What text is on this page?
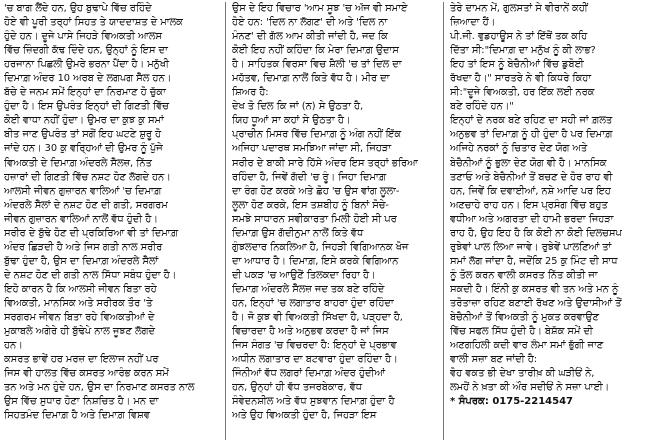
'ਚ ਬਾਗ ਲੈਂਦੇ ਹਨ, ਉਹ ਬੁਢਾਪੇ ਵਿੱਚ ਰਹਿੰਦੇ
ਹੋਏ ਵੀ ਪੂਰੀ ਤਰ੍ਹਾਂ ਸਿਹਤ ਤੇ ਯਾਦਦਾਸ਼ਤ ਦੇ ਮਾਲਕ
ਹੁੰਦੇ ਹਨ। ਦੂਜੇ ਪਾਸੇ ਜਿਹੜੇ ਵਿਅਕਤੀ ਆਲਸ
ਵਿੱਚ ਜ਼ਿੰਦਗੀ ਕੱਢ ਦਿੰਦੇ ਹਨ, ਉਨ੍ਹਾਂ ਨੂੰ ਇਸ ਦਾ
ਹਰਜਾਨਾ ਪਿਛਲੀ ਉਮਰੇ ਭਰਨਾ ਪੈਂਦਾ ਹੈ। ਮਨੁੱਖੀ
ਦਿਮਾਗ਼ ਅੰਦਰ 10 ਅਰਬ ਦੇ ਲਗਪਗ ਸੈੱਲ ਹਨ।
ਬੱਚੇ ਦੇ ਜਨਮ ਸਮੇਂ ਇਨ੍ਹਾਂ ਦਾ ਨਿਰਮਾਣ ਹੋ ਚੁੱਕਾ
ਹੁੰਦਾ ਹੈ। ਇਸ ਉਪਰੰਤ ਇਨ੍ਹਾਂ ਦੀ ਗਿਣਤੀ ਵਿੱਚ
ਕੋਈ ਵਾਧਾ ਨਹੀਂ ਹੁੰਦਾ। ਉਮਰ ਦਾ ਕੁਝ ਕੁ ਸਮਾਂ
ਬੀਤ ਜਾਣ ਉਪਰੰਤ ਤਾਂ ਸਗੋਂ ਇਹ ਘਟਣੇ ਸ਼ੁਰੂ ਹੋ
ਜਾਂਦੇ ਹਨ। 30 ਕੁ ਵਰ੍ਹਿਆਂ ਦੀ ਉਮਰ ਨੂੰ ਪੁੱਜੇ
ਵਿਅਕਤੀ ਦੇ ਦਿਮਾਗ਼ ਅੰਦਰਲੇ ਸੈੱਲਜ਼, ਨਿੱਤ
ਹਜ਼ਾਰਾਂ ਦੀ ਗਿਣਤੀ ਵਿੱਚ ਨਸ਼ਟ ਹੋਣ ਲੱਗਦੇ ਹਨ।
ਆਲਸੀ ਜੀਵਨ ਗੁਜ਼ਾਰਨ ਵਾਲਿਆਂ 'ਚ ਦਿਮਾਗ਼
ਅੰਦਰਲੇ ਸੈੱਲਾਂ ਦੇ ਨਸ਼ਟ ਹੋਣ ਦੀ ਗਤੀ, ਸਰਗਰਮ
ਜੀਵਨ ਗੁਜ਼ਾਰਨ ਵਾਲਿਆਂ ਨਾਲੋਂ ਵੱਧ ਹੁੰਦੀ ਹੈ।
ਸਰੀਰ ਦੇ ਬੁੱਢੇ ਹੋਣ ਦੀ ਪ੍ਰਕਿਰਿਆ ਵੀ ਤਾਂ ਦਿਮਾਗ਼
ਅੰਦਰ ਛਿੜਦੀ ਹੈ ਅਤੇ ਜਿਸ ਗਤੀ ਨਾਲ ਸਰੀਰ
ਬੁੱਢਾ ਹੁੰਦਾ ਹੈ, ਉਸ ਦਾ ਦਿਮਾਗ਼ ਅੰਦਰਲੇ ਸੈੱਲਾਂ
ਦੇ ਨਸ਼ਟ ਹੋਣ ਦੀ ਗਤੀ ਨਾਲ ਸਿੱਧਾ ਸਬੰਧ ਹੁੰਦਾ ਹੈ।
ਇਹੋ ਕਾਰਨ ਹੈ ਕਿ ਆਲਸੀ ਜੀਵਨ ਬਿਤਾ ਰਹੇ
ਵਿਅਕਤੀ, ਮਾਨਸਿਕ ਅਤੇ ਸਰੀਰਕ ਤੌਰ 'ਤੇ
ਸਰਗਰਮ ਜੀਵਨ ਬਿਤਾ ਰਹੇ ਵਿਅਕਤੀਆਂ ਦੇ
ਮੁਕਾਬਲੇ ਅਗੇਰੇ ਹੀ ਬੁੱਢੇਪੇ ਨਾਲ ਜੂਝਣ ਲੱਗਦੇ
ਹਨ।
ਕਸਰਤ ਭਾਵੇਂ ਹਰ ਮਰਜ਼ ਦਾ ਇਲਾਜ ਨਹੀਂ ਪਰ
ਜਿਸ ਵੀ ਹਾਲਤ ਵਿੱਚ ਕਸਰਤ ਆਰੰਭ ਕਰਨ ਸਮੇਂ
ਤਨ ਅਤੇ ਮਨ ਹੁੰਦੇ ਹਨ, ਉਸ ਦਾ ਨਿਰਮਾਣ ਕਸਰਤ ਨਾਲ
ਉਸ ਵਿੱਚ ਸੁਧਾਰ ਹੋਣਾ ਨਿਸ਼ਚਿਤ ਹੈ। ਮਨ ਦਾ
ਸਿਹਤਮੰਦ ਦਿਮਾਗ਼ ਹੈ ਅਤੇ ਦਿਮਾਗ਼ ਵਿਸ਼ਵ
ਉਸ ਦੇ ਇਹ ਵਿਚਾਰ 'ਆਮ ਸੂਝ 'ਚ ਅੱਜ ਵੀ ਸਮਾਏ
ਹੋਏ ਹਨ: 'ਦਿਲ ਨਾ ਲੱਗਣ' ਦੀ ਅਤੇ 'ਦਿਲ ਨਾ
ਮੰਨਣ' ਦੀ ਗੱਲ ਆਮ ਕੀਤੀ ਜਾਂਦੀ ਹੈ, ਜਦ ਕਿ
ਕੋਈ ਇਹ ਨਹੀਂ ਕਹਿੰਦਾ ਕਿ ਮੇਰਾ ਦਿਮਾਗ਼ ਉਦਾਸ
ਹੈ। ਸਾਹਿਤਕ ਵਿਰਸਾ ਵਿਚ ਸ਼ੈਲੀ 'ਚ ਤਾਂ ਦਿਲ ਦਾ
ਮਹੱਤਵ, ਦਿਮਾਗ਼ ਨਾਲੋਂ ਕਿਤੇ ਵੱਧ ਹੈ। ਮੀਰ ਦਾ
ਸ਼ਿਅਰ ਹੈ:
ਦੇਖ ਤੋ ਦਿਲ ਕਿ ਜਾਂ (ਨ) ਸੇ ਉਠਤਾ ਹੈ,
ਯਿਹ ਧੂਆਂ ਸਾ ਕਹਾਂ ਸੇ ਉਠਤਾ ਹੈ।
ਪ੍ਰਾਚੀਨ ਮਿਸਰ ਵਿੱਚ ਦਿਮਾਗ਼ ਨੂੰ ਅੰਗ ਨਹੀਂ ਇੱਕ
ਅਜਿਹਾ ਪਦਾਰਥ ਸਮਝਿਆ ਜਾਂਦਾ ਸੀ, ਜਿਹੜਾ
ਸਰੀਰ ਦੇ ਬਾਕੀ ਸਾਰੇ ਹਿੱਸੇ ਅੰਦਰ ਇਸ ਤਰ੍ਹਾਂ ਭਰਿਆ
ਰਹਿੰਦਾ ਹੈ, ਜਿਵੇਂ ਗੱਦੀ 'ਚ ਰੂੰ। ਜਿਹਾ ਦਿਮਾਗ਼
ਦਾ ਰੰਗ ਹੋਣ ਕਰਕੇ ਅਤੇ ਛੋਹ 'ਚ ਉਸ ਵਾਂਗ ਲੂਲਾ-
ਲੂਲਾ ਹੋਣ ਕਰਕੇ, ਇਸ ਤਸ਼ਬੀਹ ਨੂੰ ਬਿਨਾਂ ਸੋਚੇ-
ਸਮਝੇ ਸਾਧਾਰਨ ਸਵੀਕਾਰਤਾ ਮਿਲੀ ਹੋਈ ਸੀ ਪਰ
ਦਿਮਾਗ਼ ਉਸ ਗੱਦੀਨੁਮਾ ਨਾਲੋਂ ਕਿਤੇ ਵੱਧ
ਗੁੰਝਲਦਾਰ ਨਿਕਲਿਆ ਹੈ, ਜਿਹੜੀ ਵਿਗਿਆਨਕ ਖੋਜ
ਦਾ ਆਧਾਰ ਹੈ। ਦਿਮਾਗ਼, ਇਸੇ ਕਰਕੇ ਵਿਗਿਆਨ
ਦੀ ਪਕੜ 'ਚ ਆਉਣੋਂ ਤਿਲਕਦਾ ਰਿਹਾ ਹੈ।
ਦਿਮਾਗ਼ ਅੰਦਰਲੇ ਸੈੱਲਜ਼ ਜਦ ਤਕ ਬਣੇ ਰਹਿੰਦੇ
ਹਨ, ਇਨ੍ਹਾਂ 'ਚ ਲਗਾਤਾਰ ਬਾਹਰਾ ਹੁੰਦਾ ਰਹਿੰਦਾ
ਹੈ। ਜੋ ਕੁਝ ਵੀ ਵਿਅਕਤੀ ਸਿੱਖਦਾ ਹੈ, ਪੜ੍ਹਦਾ ਹੈ,
ਵਿਚਾਰਦਾ ਹੈ ਅਤੇ ਅਨੁਭਵ ਕਰਦਾ ਹੈ ਜਾਂ ਜਿਸ
ਜਿਸ ਸੰਗਤ 'ਚ ਵਿਚਰਦਾ ਹੈ: ਇਨ੍ਹਾਂ ਦੇ ਪ੍ਰਭਾਵ
ਅਧੀਨ ਲਗਾਤਾਰ ਦਾ ਬਟਵਾਰਾ ਹੁੰਦਾ ਰਹਿੰਦਾ ਹੈ।
ਜਿੰਨੀਆਂ ਵੱਧ ਲਗਰਾਂ ਦਿਮਾਗ਼ ਅੰਦਰ ਹੁੰਦੀਆਂ
ਹਨ, ਉਨ੍ਹਾਂ ਹੀ ਵੱਧ ਤਜਰਬੇਕਾਰ, ਵੱਧ
ਸੰਵੇਦਨਸ਼ੀਲ ਅਤੇ ਵੱਧ ਸੁਝਵਾਨ ਦਿਮਾਗ਼ ਹੁੰਦਾ ਹੈ
ਅਤੇ ਉਹ ਵਿਅਕਤੀ ਹੁੰਦਾ ਹੈ, ਜਿਹੜਾ ਇਸ
ਤੇਰੇ ਦਾਮਨ ਮੇਂ, ਗੁਲਸਤਾਂ ਸੇ ਵੀਰਾਨੇਂ ਕਹੀਂ
ਜ਼ਿਆਦਾ ਹੈਂ।
ਪੀ.ਜੀ. ਵੁਡਹਾਊਸ ਨੇ ਤਾਂ ਇੱਥੋਂ ਤਕ ਕਹਿ
ਦਿੱਤਾ ਸੀ:"ਦਿਮਾਗ਼ ਦਾ ਮਨੁੱਖ ਨੂੰ ਕੀ ਲਾਭ?
ਇਹ ਤਾਂ ਇਸ ਨੂੰ ਬੇਚੈਨੀਆਂ ਵਿੱਚ ਡੁਬੋਈ
ਰੱਖਦਾ ਹੈ।" ਸਾਰਤਰੇ ਨੇ ਵੀ ਕਿਧਰੇ ਕਿਹਾ
ਸੀ:"ਦੂਜੇ ਵਿਅਕਤੀ, ਹਰ ਇੱਕ ਲਈ ਨਰਕ
ਬਣੇ ਰਹਿੰਦੇ ਹਨ।"
ਇਨ੍ਹਾਂ ਦੇ ਨਰਕ ਬਣੇ ਰਹਿਣ ਦਾ ਸਹੀ ਜਾਂ ਗ਼ਲਤ
ਅਨੁਭਵ ਤਾਂ ਦਿਮਾਗ਼ ਨੂੰ ਹੀ ਹੁੰਦਾ ਹੈ ਪਰ ਦਿਮਾਗ਼
ਅਜਿਹੇ ਨਰਕਾਂ ਨੂੰ ਚਿਤਾਰ ਦੇਣ ਯੋਗ ਅਤੇ
ਬੇਚੈਨੀਆਂ ਨੂੰ ਭੁਲਾ ਦੇਣ ਯੋਗ ਵੀ ਹੈ। ਮਾਨਸਿਕ
ਤਣਾਓ ਅਤੇ ਬੇਚੈਨੀਆਂ ਤੋਂ ਬਚਣ ਦੇ ਹੋਰ ਰਾਹ ਵੀ
ਹਨ, ਜਿਵੇਂ ਕਿ ਦਵਾਈਆਂ, ਨਸ਼ੇ ਆਦਿ ਪਰ ਇਹ
ਅਣਚਾਹੇ ਰਾਹ ਹਨ। ਇਸ ਪ੍ਰਸੰਗ ਵਿੱਚ ਬਹੁਤ
ਵਧੀਆ ਅਤੇ ਅਗਰਤਾ ਦੀ ਹਾਮੀ ਭਰਦਾ ਜਿਹੜਾ
ਰਾਹ ਹੈ, ਉਹ ਇਹ ਹੈ ਕਿ ਕੋਈ ਨਾ ਕੋਈ ਦਿਲਚਸਪ
ਰੁਝੇਵਾਂ ਪਾਲ ਲਿਆ ਜਾਵੇ। ਰੁਝੇਵੇਂ ਪਾਲਣਿਆਂ ਤਾਂ
ਸਮਾਂ ਲੱਗ ਜਾਂਦਾ ਹੈ, ਜਦੋਂਕਿ 25 ਕੁ ਮਿੰਟ ਦੀ ਸਾਧ
ਨੂੰ ਤੋਲ ਕਰਨ ਵਾਲੀ ਕਸਰਤ ਨਿੱਤ ਕੀਤੀ ਜਾ
ਸਕਦੀ ਹੈ। ਇੰਨੀ ਕੁ ਕਸਰਤ ਵੀ ਤਨ ਅਤੇ ਮਨ ਨੂੰ
ਤਰੋਤਾਜ਼ਾ ਰਹਿਣ ਬਣਾਈ ਰੱਖਣ ਅਤੇ ਉਦਾਸੀਆਂ ਤੋਂ
ਬੇਚੈਨੀਆਂ ਤੋਂ ਵਿਅਕਤੀ ਨੂੰ ਮੁਕਤ ਕਰਵਾਉਣ
ਵਿੱਚ ਸਫਲ ਸਿੱਧ ਹੁੰਦੀ ਹੈ। ਬੇਸ਼ੱਕ ਸਮੇਂ ਦੀ
ਅਣਗਹਿਲੀ ਕਦੀ ਵਾਰ ਲੰਮਾ ਸਮਾਂ ਭੁੱਗੀ ਜਾਣ
ਵਾਲੀ ਸਜ਼ਾ ਬਣ ਜਾਂਦੀ ਹੈ:
ਵੋਹ ਵਕਤ ਭੀ ਦੇਖਾ ਤਾਰੀਖ਼ ਕੀ ਘੜੀਓਂ ਨੇ,
ਲਮਹੋਂ ਨੇ ਖ਼ਤਾ ਕੀ ਔਰ ਸਦੀਓਂ ਨੇ ਸਜ਼ਾ ਪਾਈ।
* ਸੰਪਰਕ: 0175-2214547
